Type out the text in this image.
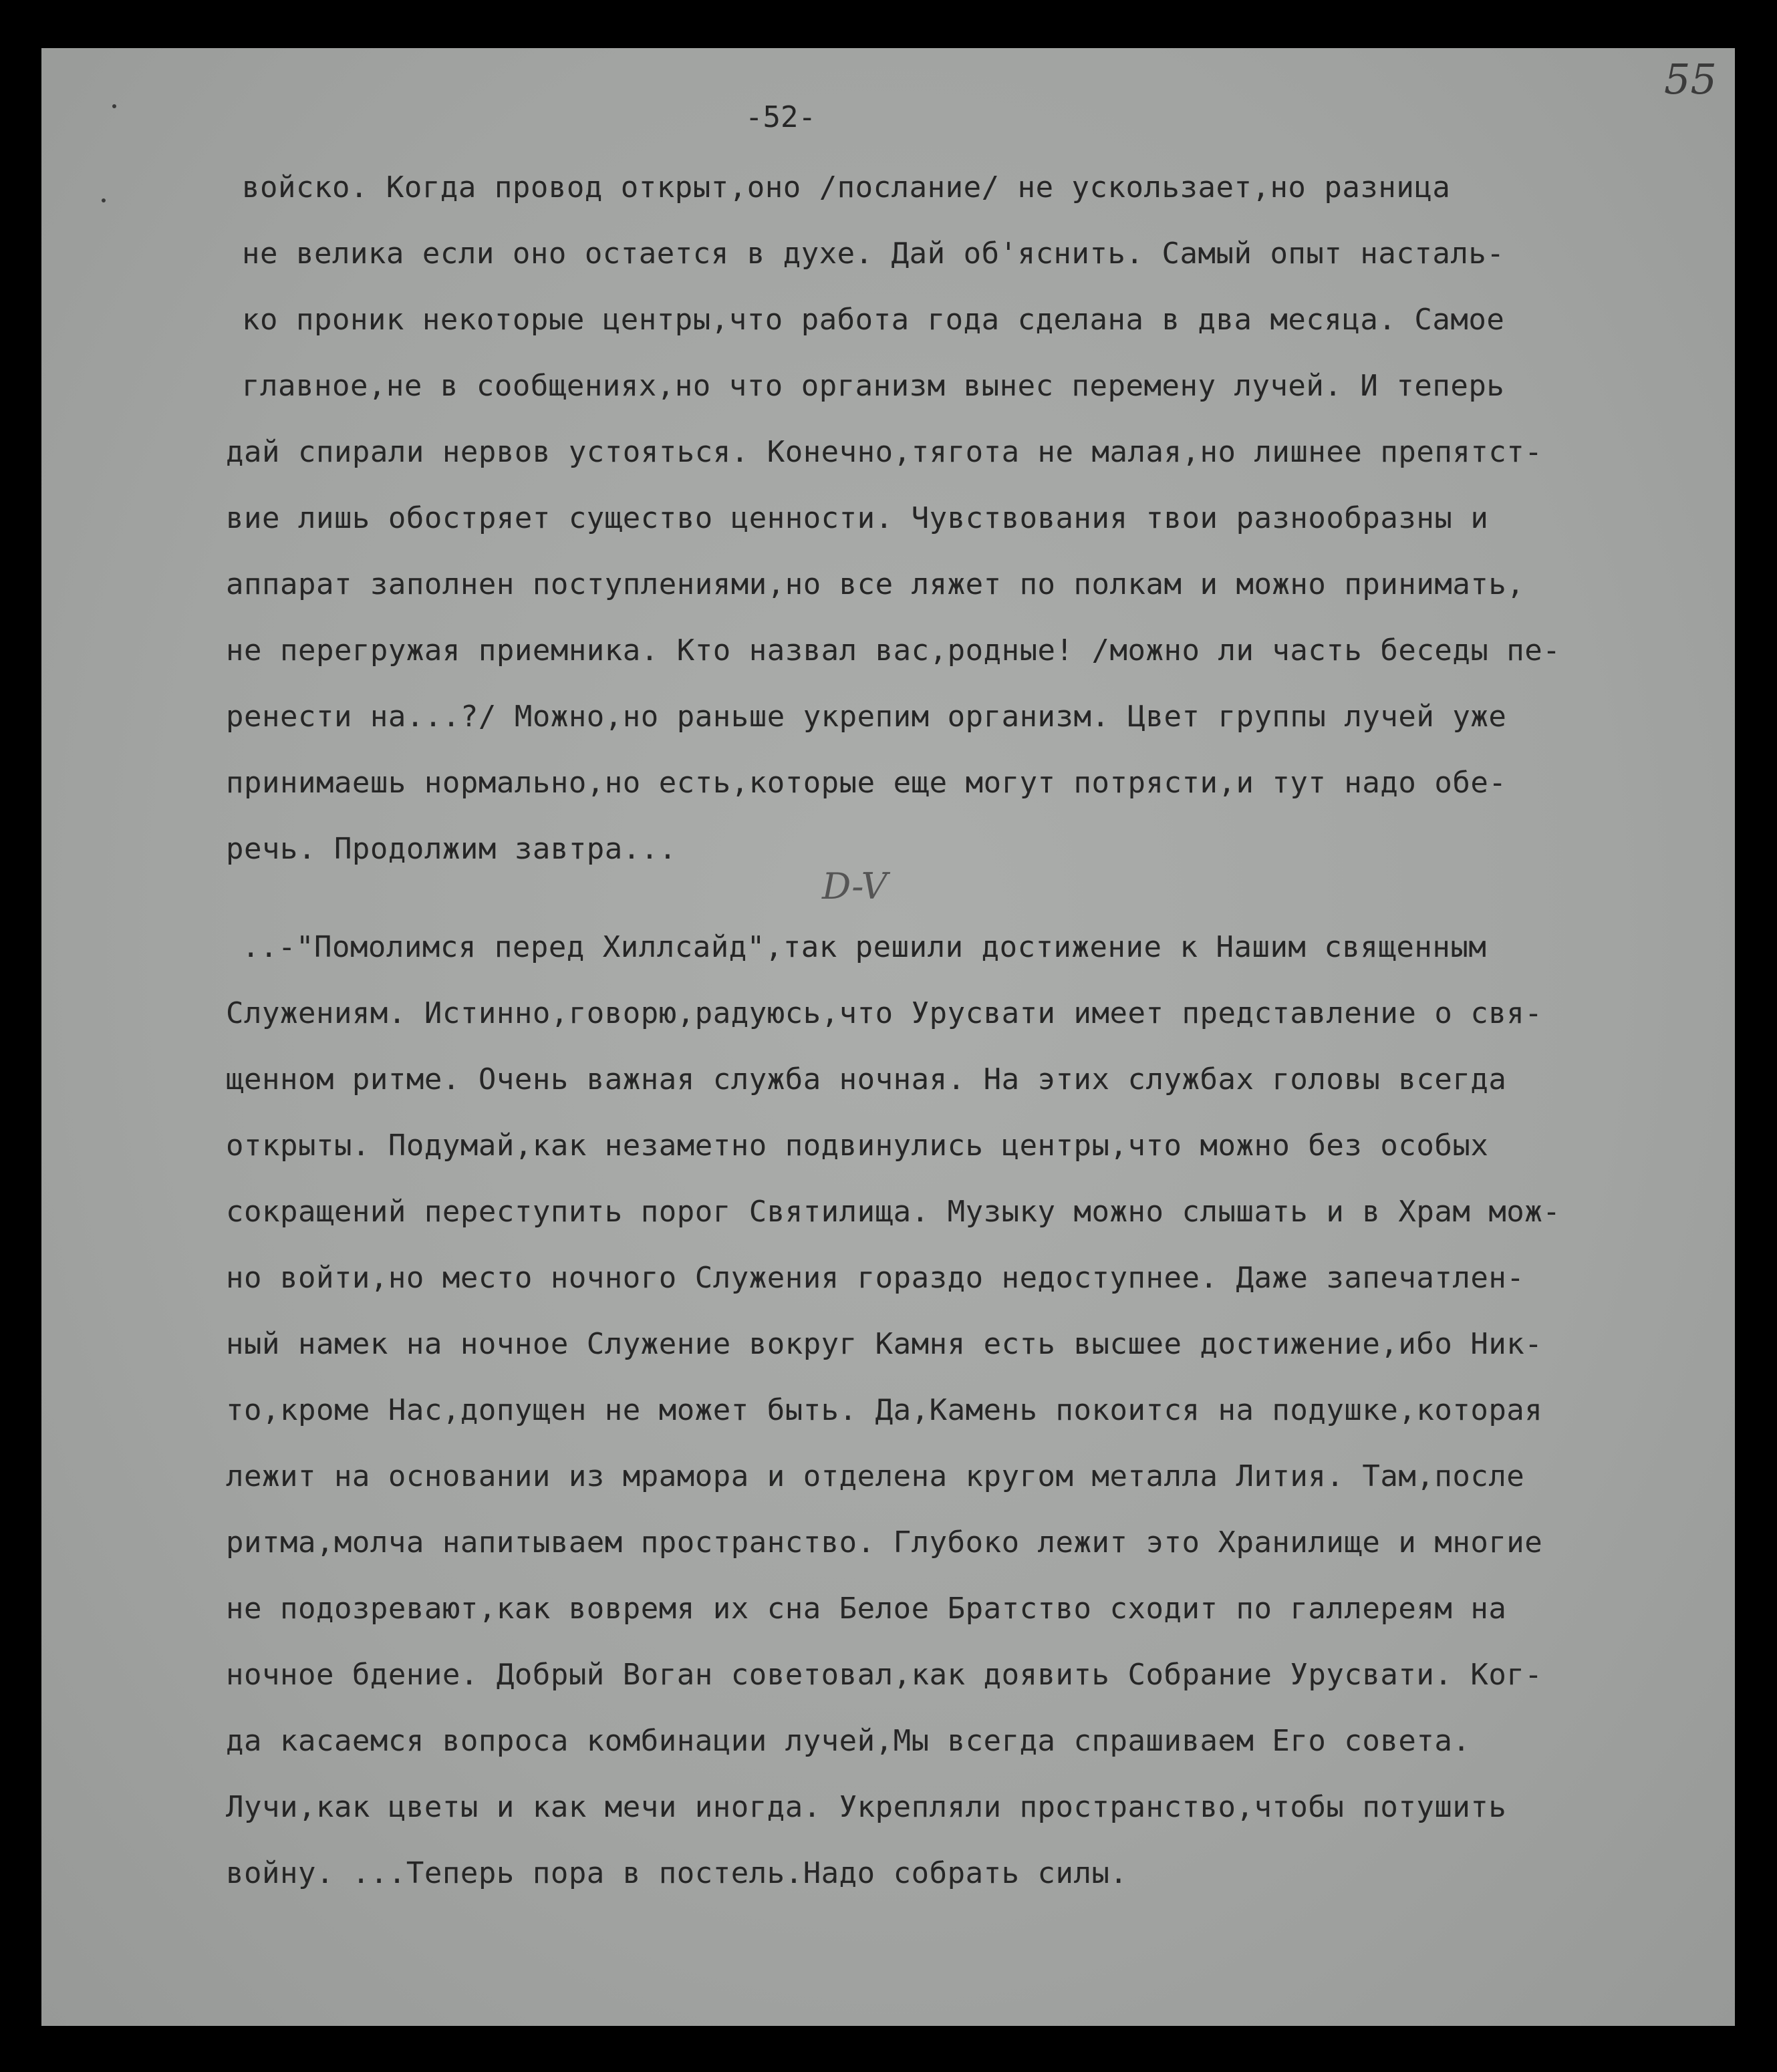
55
-52-
D-V
войско. Когда провод открыт,оно /послание/ не ускользает,но разница
не велика если оно остается в духе. Дай об'яснить. Самый опыт насталь-
ко проник некоторые центры,что работа года сделана в два месяца. Самое
главное,не в сообщениях,но что организм вынес перемену лучей. И теперь
дай спирали нервов устояться. Конечно,тягота не малая,но лишнее препятст-
вие лишь обостряет существо ценности. Чувствования твои разнообразны и
аппарат заполнен поступлениями,но все ляжет по полкам и можно принимать,
не перегружая приемника. Кто назвал вас,родные! /можно ли часть беседы пе-
ренести на...?/ Можно,но раньше укрепим организм. Цвет группы лучей уже
принимаешь нормально,но есть,которые еще могут потрясти,и тут надо обе-
речь. Продолжим завтра...
..-"Помолимся перед Хиллсайд",так решили достижение к Нашим священным
Служениям. Истинно,говорю,радуюсь,что Урусвати имеет представление о свя-
щенном ритме. Очень важная служба ночная. На этих службах головы всегда
открыты. Подумай,как незаметно подвинулись центры,что можно без особых
сокращений переступить порог Святилища. Музыку можно слышать и в Храм мож-
но войти,но место ночного Служения гораздо недоступнее. Даже запечатлен-
ный намек на ночное Служение вокруг Камня есть высшее достижение,ибо Ник-
то,кроме Нас,допущен не может быть. Да,Камень покоится на подушке,которая
лежит на основании из мрамора и отделена кругом металла Лития. Там,после
ритма,молча напитываем пространство. Глубоко лежит это Хранилище и многие
не подозревают,как вовремя их сна Белое Братство сходит по галлереям на
ночное бдение. Добрый Воган советовал,как доявить Собрание Урусвати. Ког-
да касаемся вопроса комбинации лучей,Мы всегда спрашиваем Его совета.
Лучи,как цветы и как мечи иногда. Укрепляли пространство,чтобы потушить
войну. ...Теперь пора в постель.Надо собрать силы.
